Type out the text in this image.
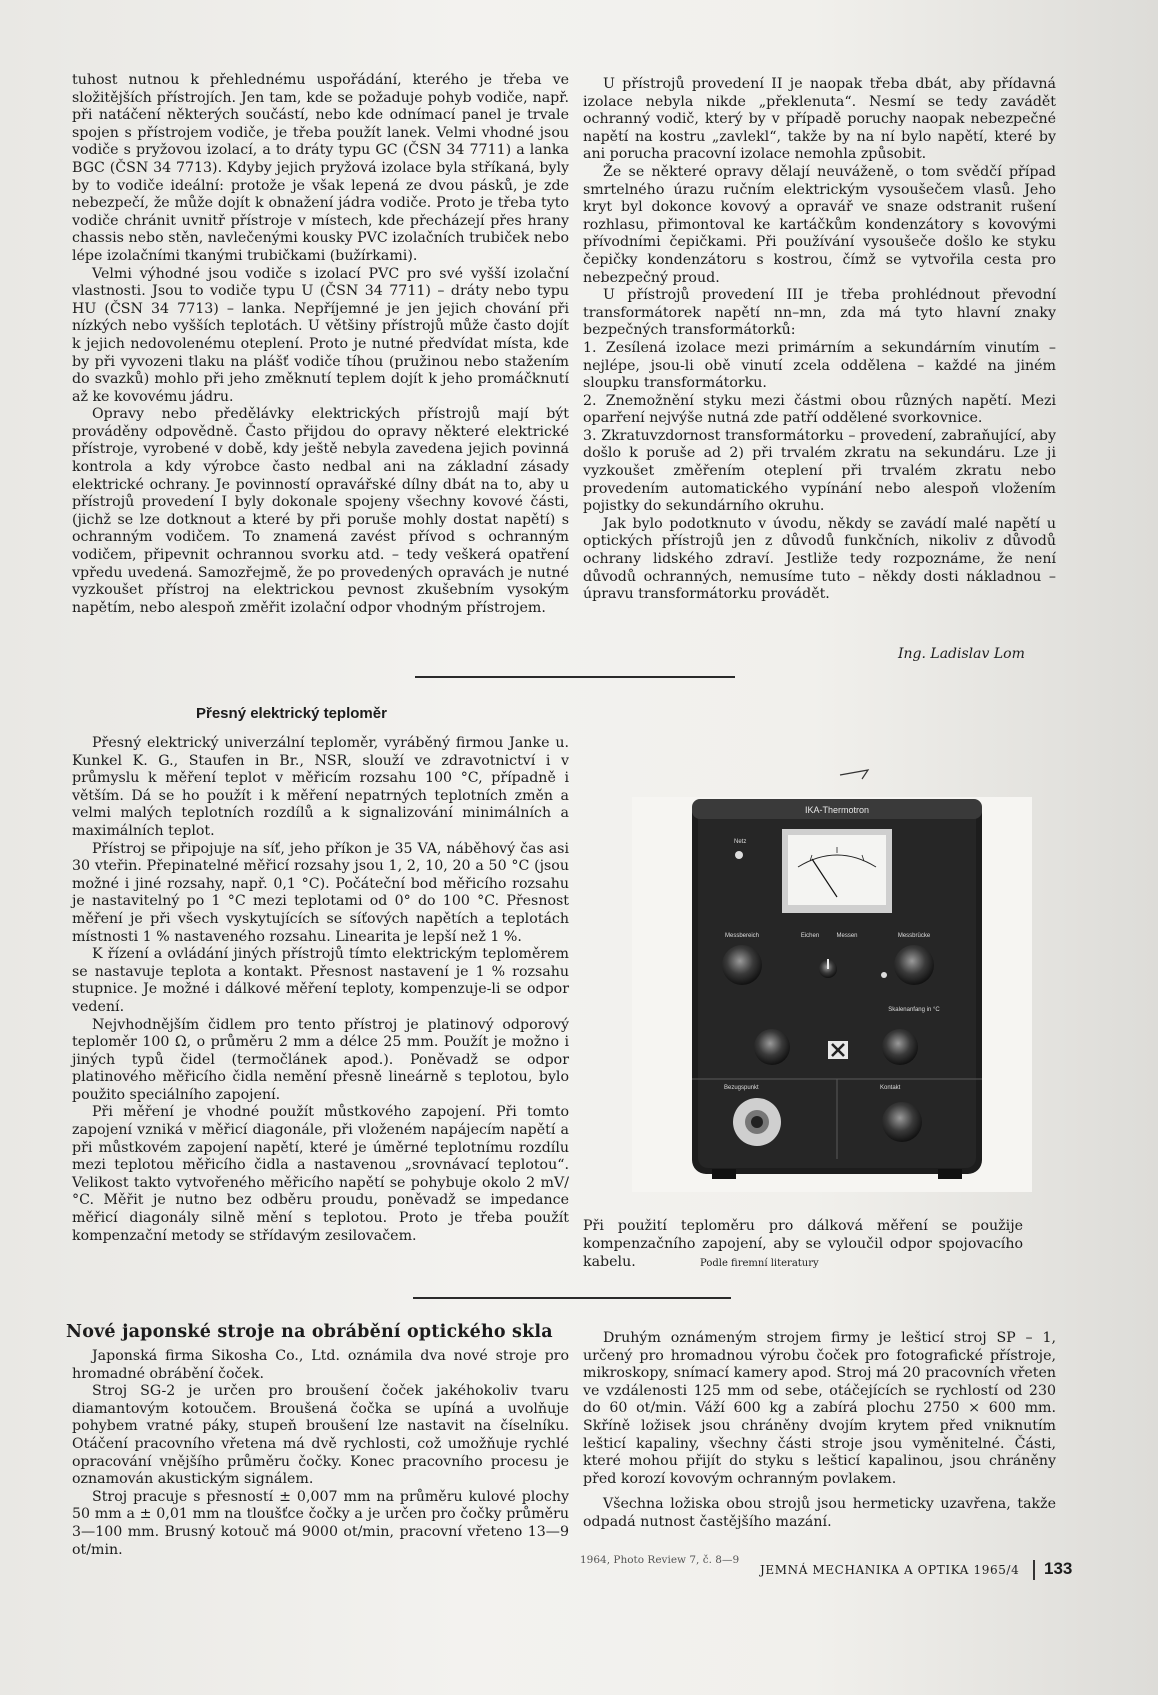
tuhost nutnou k přehlednému uspořádání, kterého je třeba ve složitějších přístrojích. Jen tam, kde se požaduje pohyb vodiče, např. při natáčení některých součástí, nebo kde odnímací panel je trvale spojen s přístrojem vodiče, je třeba použít lanek. Velmi vhodné jsou vodiče s pryžovou izolací, a to dráty typu GC (ČSN 34 7711) a lanka BGC (ČSN 34 7713). Kdyby jejich pryžová izolace byla stříkaná, byly by to vodiče ideální: protože je však lepená ze dvou pásků, je zde nebezpečí, že může dojít k obnažení jádra vodiče. Proto je třeba tyto vodiče chránit uvnitř přístroje v místech, kde přecházejí přes hrany chassis nebo stěn, navlečenými kousky PVC izolačních trubiček nebo lépe izolačními tkanými trubičkami (bužírkami).

Velmi výhodné jsou vodiče s izolací PVC pro své vyšší izolační vlastnosti. Jsou to vodiče typu U (ČSN 34 7711) – dráty nebo typu HU (ČSN 34 7713) – lanka. Nepříjemné je jen jejich chování při nízkých nebo vyšších teplotách. U většiny přístrojů může často dojít k jejich nedovolenému oteplení. Proto je nutné předvídat místa, kde by při vyvozeni tlaku na plášť vodiče tíhou (pružinou nebo stažením do svazků) mohlo při jeho změknutí teplem dojít k jeho promáčknutí až ke kovovému jádru.

Opravy nebo předělávky elektrických přístrojů mají být prováděny odpovědně. Často přijdou do opravy některé elektrické přístroje, vyrobené v době, kdy ještě nebyla zavedena jejich povinná kontrola a kdy výrobce často nedbal ani na základní zásady elektrické ochrany. Je povinností opravářské dílny dbát na to, aby u přístrojů provedení I byly dokonale spojeny všechny kovové části, (jichž se lze dotknout a které by při poruše mohly dostat napětí) s ochranným vodičem. To znamená zavést přívod s ochranným vodičem, připevnit ochrannou svorku atd. – tedy veškerá opatření vpředu uvedená. Samozřejmě, že po provedených opravách je nutné vyzkoušet přístroj na elektrickou pevnost zkušebním vysokým napětím, nebo alespoň změřit izolační odpor vhodným přístrojem.

U přístrojů provedení II je naopak třeba dbát, aby přídavná izolace nebyla nikde „překlenuta“. Nesmí se tedy zavádět ochranný vodič, který by v případě poruchy naopak nebezpečné napětí na kostru „zavlekl“, takže by na ní bylo napětí, které by ani porucha pracovní izolace nemohla způsobit.

Že se některé opravy dělají neuváženě, o tom svědčí případ smrtelného úrazu ručním elektrickým vysoušečem vlasů. Jeho kryt byl dokonce kovový a opravář ve snaze odstranit rušení rozhlasu, přimontoval ke kartáčkům kondenzátory s kovovými přívodními čepičkami. Při používání vysoušeče došlo ke styku čepičky kondenzátoru s kostrou, čímž se vytvořila cesta pro nebezpečný proud.

U přístrojů provedení III je třeba prohlédnout převodní transformátorek napětí nn–mn, zda má tyto hlavní znaky bezpečných transformátorků:

1. Zesílená izolace mezi primárním a sekundárním vinutím – nejlépe, jsou-li obě vinutí zcela oddělena – každé na jiném sloupku transformátorku.

2. Znemožnění styku mezi částmi obou různých napětí. Mezi oparření nejvýše nutná zde patří oddělené svorkovnice.

3. Zkratuvzdornost transformátorku – provedení, zabraňující, aby došlo k poruše ad 2) při trvalém zkratu na sekundáru. Lze ji vyzkoušet změřením oteplení při trvalém zkratu nebo provedením automatického vypínání nebo alespoň vložením pojistky do sekundárního okruhu.

Jak bylo podotknuto v úvodu, někdy se zavádí malé napětí u optických přístrojů jen z důvodů funkčních, nikoliv z důvodů ochrany lidského zdraví. Jestliže tedy rozpoznáme, že není důvodů ochranných, nemusíme tuto – někdy dosti nákladnou – úpravu transformátorku provádět.

Ing. Ladislav Lom
Přesný elektrický teploměr

Přesný elektrický univerzální teploměr, vyráběný firmou Janke u. Kunkel K. G., Staufen in Br., NSR, slouží ve zdravotnictví i v průmyslu k měření teplot v měřicím rozsahu 100 °C, případně i větším. Dá se ho použít i k měření nepatrných teplotních změn a velmi malých teplotních rozdílů a k signalizování minimálních a maximálních teplot.

Přístroj se připojuje na síť, jeho příkon je 35 VA, náběhový čas asi 30 vteřin. Přepinatelné měřicí rozsahy jsou 1, 2, 10, 20 a 50 °C (jsou možné i jiné rozsahy, např. 0,1 °C). Počáteční bod měřicího rozsahu je nastavitelný po 1 °C mezi teplotami od 0° do 100 °C. Přesnost měření je při všech vyskytujících se síťových napětích a teplotách místnosti 1 % nastaveného rozsahu. Linearita je lepší než 1 %.

K řízení a ovládání jiných přístrojů tímto elektrickým teploměrem se nastavuje teplota a kontakt. Přesnost nastavení je 1 % rozsahu stupnice. Je možné i dálkové měření teploty, kompenzuje-li se odpor vedení.

Nejvhodnějším čidlem pro tento přístroj je platinový odporový teploměr 100 Ω, o průměru 2 mm a délce 25 mm. Použít je možno i jiných typů čidel (termočlánek apod.). Poněvadž se odpor platinového měřicího čidla nemění přesně lineárně s teplotou, bylo použito speciálního zapojení.

Při měření je vhodné použít můstkového zapojení. Při tomto zapojení vzniká v měřicí diagonále, při vloženém napájecím napětí a při můstkovém zapojení napětí, které je úměrné teplotnímu rozdílu mezi teplotou měřicího čidla a nastavenou „srovnávací teplotou“. Velikost takto vytvořeného měřicího napětí se pohybuje okolo 2 mV/°C. Měřit je nutno bez odběru proudu, poněvadž se impedance měřicí diagonály silně mění s teplotou. Proto je třeba použít kompenzační metody se střídavým zesilovačem.

IKA-Thermotron
Netz
Messbereich	Eichen	Messen	Messbrücke
Skalenanfang in °C
Bezugspunkt	Kontakt
Při použití teploměru pro dálková měření se použije kompenzačního zapojení, aby se vyloučil odpor spojovacího kabelu.	Podle firemní literatury
Nové japonské stroje na obrábění optického skla

Japonská firma Sikosha Co., Ltd. oznámila dva nové stroje pro hromadné obrábění čoček.

Stroj SG-2 je určen pro broušení čoček jakéhokoliv tvaru diamantovým kotoučem. Broušená čočka se upíná a uvolňuje pohybem vratné páky, stupeň broušení lze nastavit na číselníku. Otáčení pracovního vřetena má dvě rychlosti, což umožňuje rychlé opracování vnějšího průměru čočky. Konec pracovního procesu je oznamován akustickým signálem.

Stroj pracuje s přesností ± 0,007 mm na průměru kulové plochy 50 mm a ± 0,01 mm na tloušťce čočky a je určen pro čočky průměru 3—100 mm. Brusný kotouč má 9000 ot/min, pracovní vřeteno 13—9 ot/min.

Druhým oznámeným strojem firmy je lešticí stroj SP – 1, určený pro hromadnou výrobu čoček pro fotografické přístroje, mikroskopy, snímací kamery apod. Stroj má 20 pracovních vřeten ve vzdálenosti 125 mm od sebe, otáčejících se rychlostí od 230 do 60 ot/min. Váží 600 kg a zabírá plochu 2750 × 600 mm. Skříně ložisek jsou chráněny dvojím krytem před vniknutím lešticí kapaliny, všechny části stroje jsou vyměnitelné. Části, které mohou přijít do styku s lešticí kapalinou, jsou chráněny před korozí kovovým ochranným povlakem.

Všechna ložiska obou strojů jsou hermeticky uzavřena, takže odpadá nutnost častějšího mazání.

1964, Photo Review 7, č. 8—9
JEMNÁ MECHANIKA A OPTIKA 1965/4 133
